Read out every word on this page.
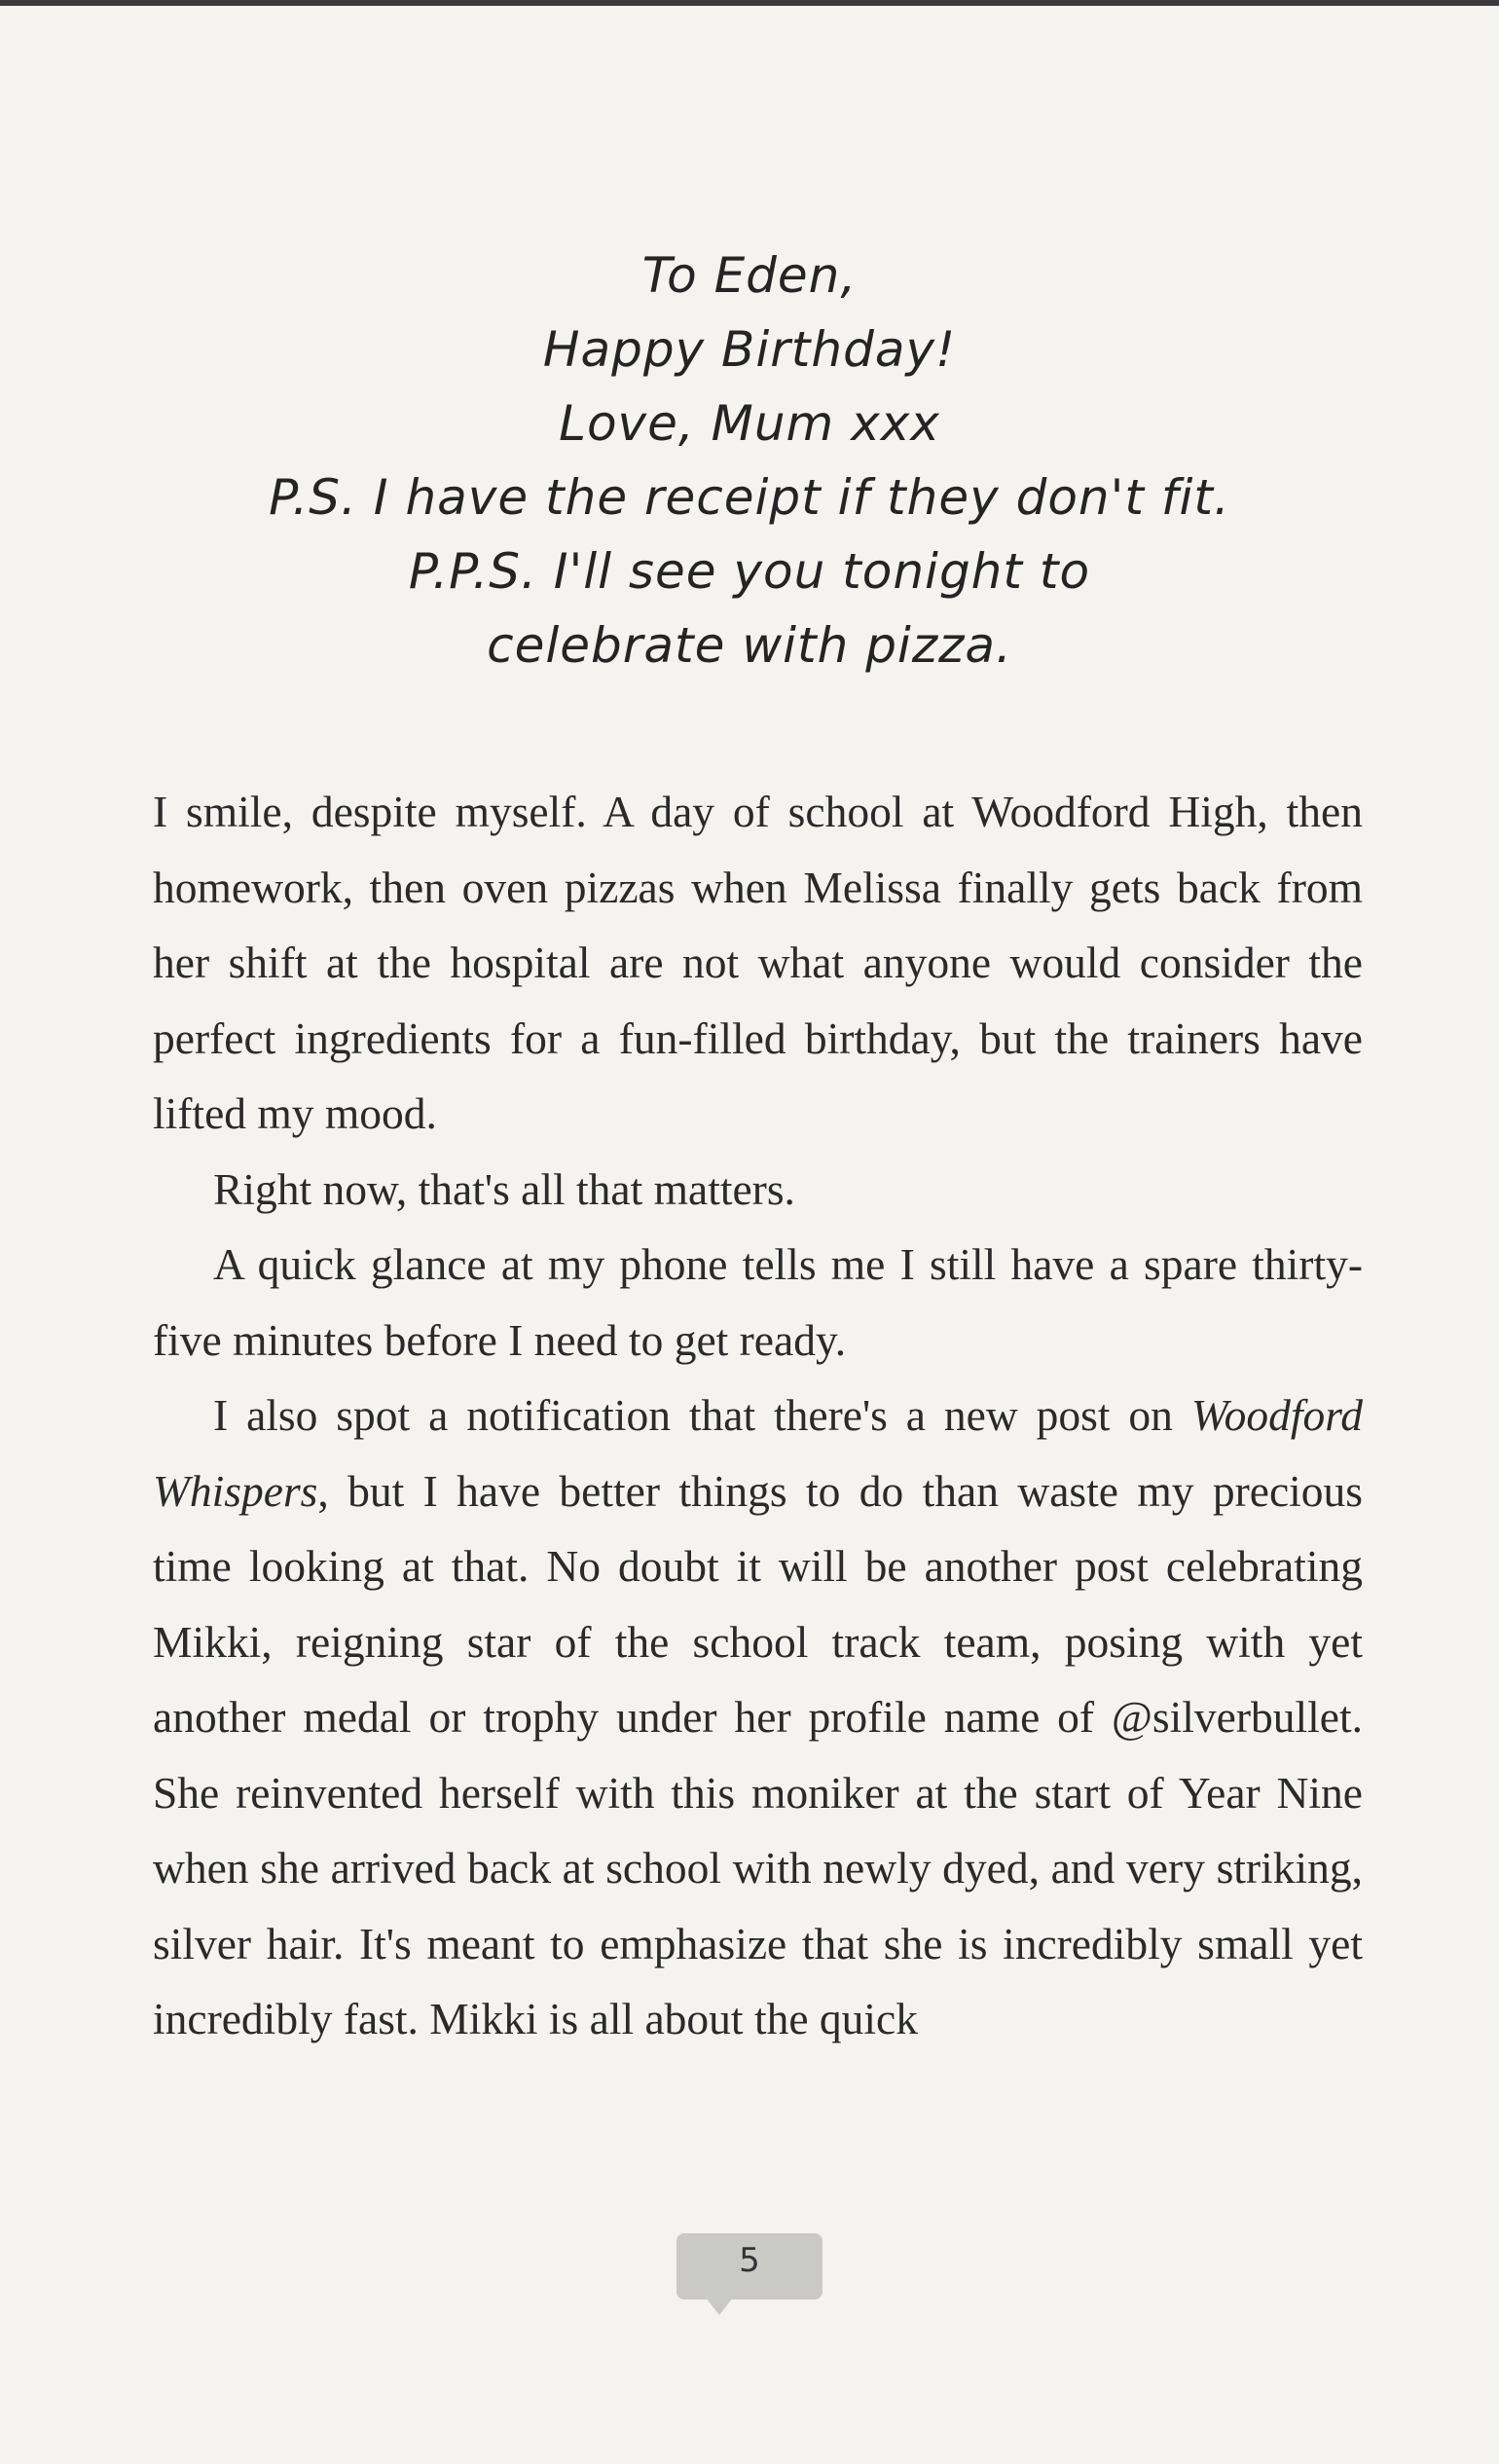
To Eden,
Happy Birthday!
Love, Mum xxx
P.S. I have the receipt if they don't fit.
P.P.S. I'll see you tonight to
celebrate with pizza.

I smile, despite myself. A day of school at Woodford High, then homework, then oven pizzas when Melissa finally gets back from her shift at the hospital are not what anyone would consider the perfect ingredients for a fun-filled birthday, but the trainers have lifted my mood.

Right now, that's all that matters.

A quick glance at my phone tells me I still have a spare thirty-five minutes before I need to get ready.

I also spot a notification that there's a new post on Woodford Whispers, but I have better things to do than waste my precious time looking at that. No doubt it will be another post celebrating Mikki, reigning star of the school track team, posing with yet another medal or trophy under her profile name of @silverbullet. She reinvented herself with this moniker at the start of Year Nine when she arrived back at school with newly dyed, and very striking, silver hair. It's meant to emphasize that she is incredibly small yet incredibly fast. Mikki is all about the quick

5
